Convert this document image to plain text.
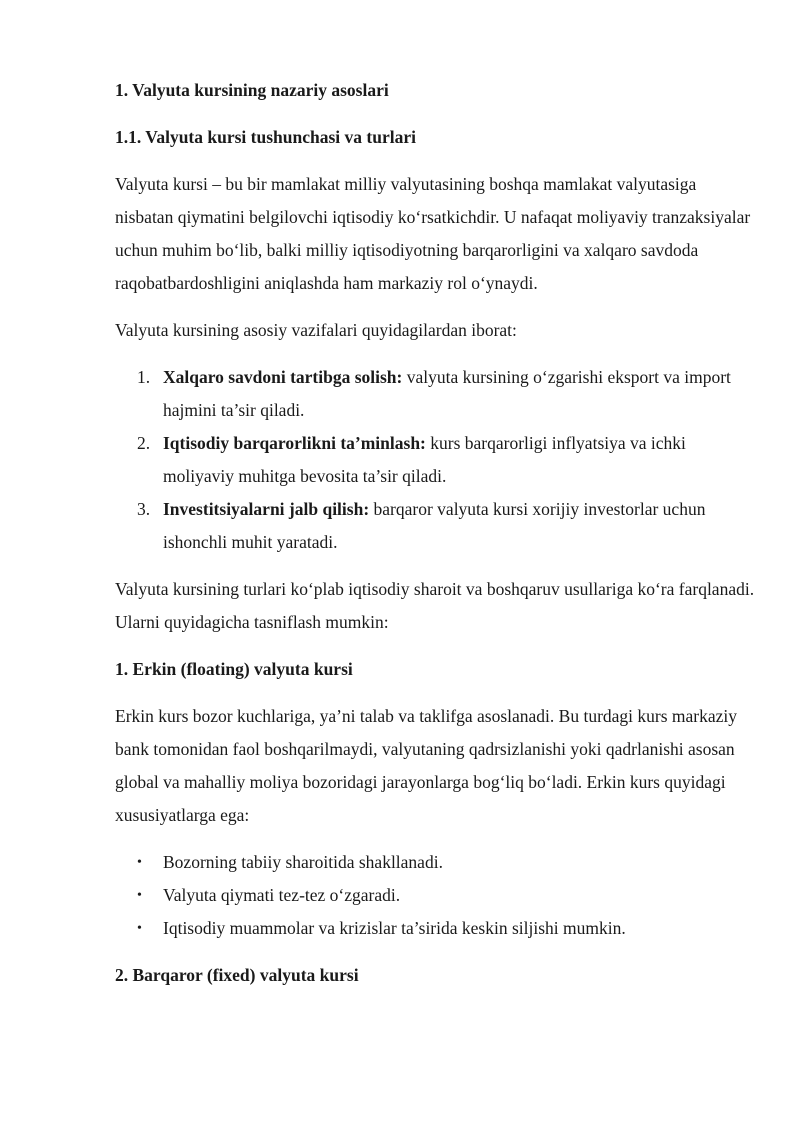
1. Valyuta kursining nazariy asoslari
1.1. Valyuta kursi tushunchasi va turlari

Valyuta kursi – bu bir mamlakat milliy valyutasining boshqa mamlakat valyutasiga nisbatan qiymatini belgilovchi iqtisodiy ko‘rsatkichdir. U nafaqat moliyaviy tranzaksiyalar uchun muhim bo‘lib, balki milliy iqtisodiyotning barqarorligini va xalqaro savdoda raqobatbardoshligini aniqlashda ham markaziy rol o‘ynaydi.

Valyuta kursining asosiy vazifalari quyidagilardan iborat:

1. Xalqaro savdoni tartibga solish: valyuta kursining o‘zgarishi eksport va import hajmini ta’sir qiladi.
2. Iqtisodiy barqarorlikni ta’minlash: kurs barqarorligi inflyatsiya va ichki moliyaviy muhitga bevosita ta’sir qiladi.
3. Investitsiyalarni jalb qilish: barqaror valyuta kursi xorijiy investorlar uchun ishonchli muhit yaratadi.

Valyuta kursining turlari ko‘plab iqtisodiy sharoit va boshqaruv usullariga ko‘ra farqlanadi. Ularni quyidagicha tasniflash mumkin:

1. Erkin (floating) valyuta kursi

Erkin kurs bozor kuchlariga, ya’ni talab va taklifga asoslanadi. Bu turdagi kurs markaziy bank tomonidan faol boshqarilmaydi, valyutaning qadrsizlanishi yoki qadrlanishi asosan global va mahalliy moliya bozoridagi jarayonlarga bog‘liq bo‘ladi. Erkin kurs quyidagi xususiyatlarga ega:

• Bozorning tabiiy sharoitida shakllanadi.
• Valyuta qiymati tez-tez o‘zgaradi.
• Iqtisodiy muammolar va krizislar ta’sirida keskin siljishi mumkin.
2. Barqaror (fixed) valyuta kursi
